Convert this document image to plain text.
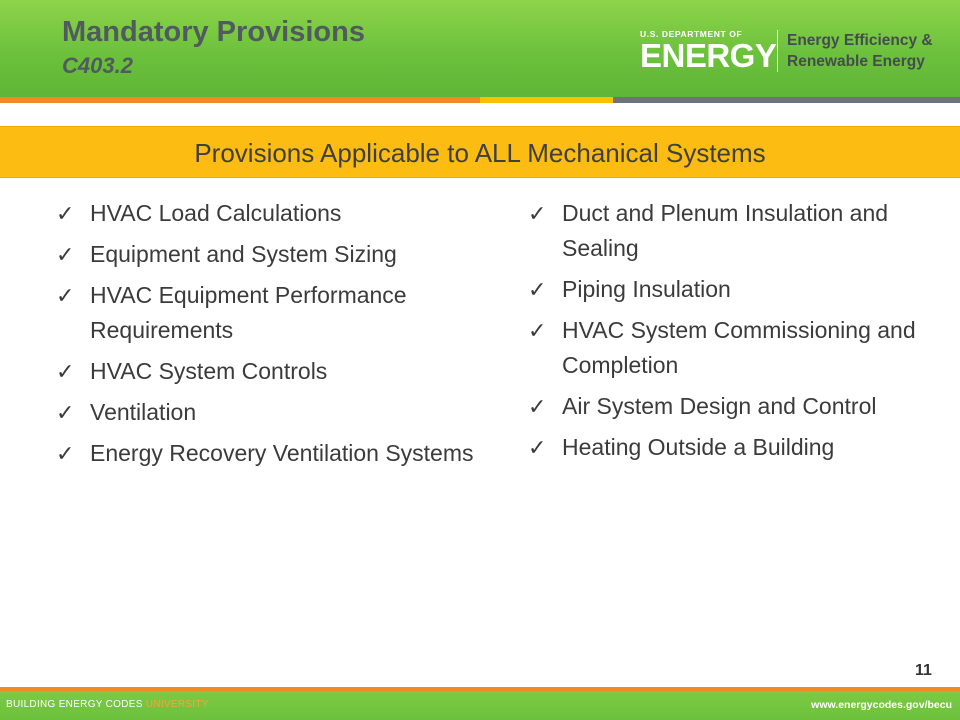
Mandatory Provisions
C403.2
U.S. DEPARTMENT OF
ENERGY Energy Efficiency &
Renewable Energy
Provisions Applicable to ALL Mechanical Systems
✓ HVAC Load Calculations
✓ Equipment and System Sizing
✓ HVAC Equipment Performance Requirements
✓ HVAC System Controls
✓ Ventilation
✓ Energy Recovery Ventilation Systems
✓ Duct and Plenum Insulation and Sealing
✓ Piping Insulation
✓ HVAC System Commissioning and Completion
✓ Air System Design and Control
✓ Heating Outside a Building
11
BUILDING ENERGY CODES UNIVERSITY	www.energycodes.gov/becu
